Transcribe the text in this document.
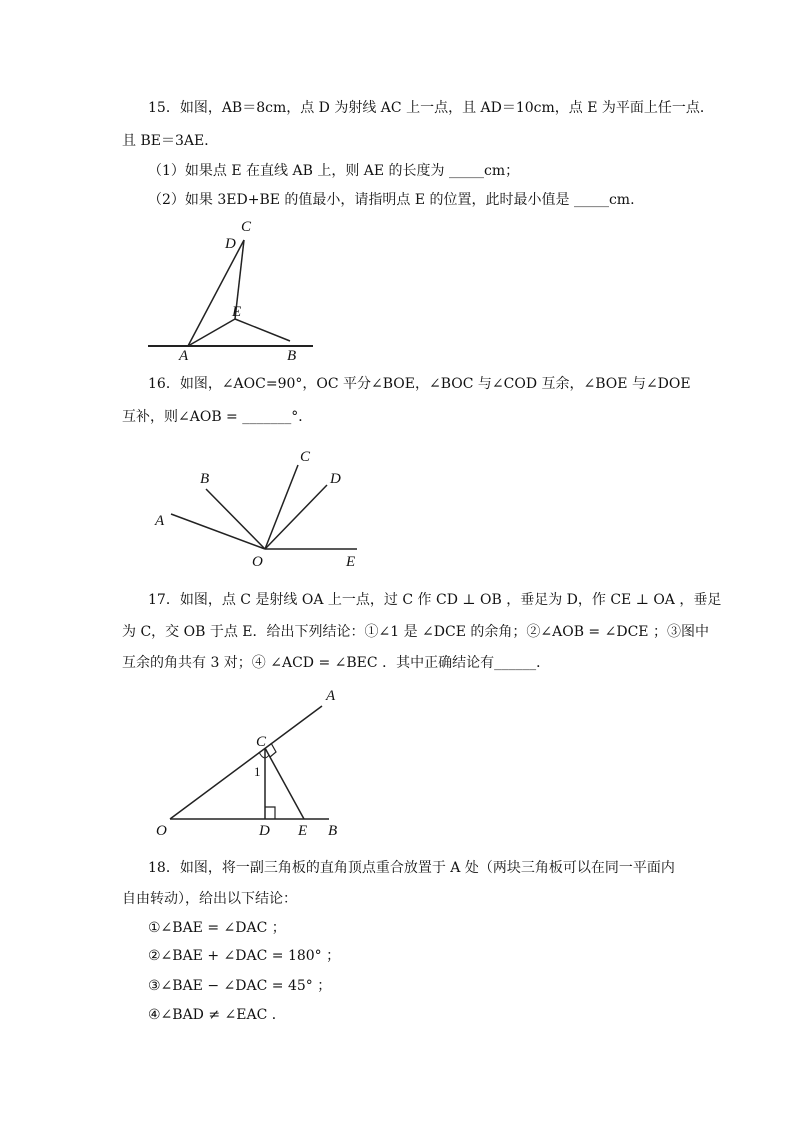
15．如图，AB＝8cm，点 D 为射线 AC 上一点，且 AD＝10cm，点 E 为平面上任一点．
且 BE＝3AE．
（1）如果点 E 在直线 AB 上，则 AE 的长度为 _____cm；
（2）如果 3ED+BE 的值最小，请指明点 E 的位置，此时最小值是 _____cm.
C
D
E
A	B
16．如图，∠AOC=90°，OC 平分∠BOE，∠BOC 与∠COD 互余，∠BOE 与∠DOE
互补，则∠AOB = _______°．
C
B	D
A
O	E
17．如图，点 C 是射线 OA 上一点，过 C 作 CD ⊥ OB ，垂足为 D，作 CE ⊥ OA ，垂足
为 C，交 OB 于点 E．给出下列结论：①∠1 是 ∠DCE 的余角；②∠AOB = ∠DCE ；③图中
互余的角共有 3 对；④ ∠ACD = ∠BEC ．其中正确结论有______．
A
C
1
O	D E B
18．如图，将一副三角板的直角顶点重合放置于 A 处（两块三角板可以在同一平面内
自由转动），给出以下结论：
①∠BAE = ∠DAC ；
②∠BAE + ∠DAC = 180° ；
③∠BAE − ∠DAC = 45° ；
④∠BAD ≠ ∠EAC ．
